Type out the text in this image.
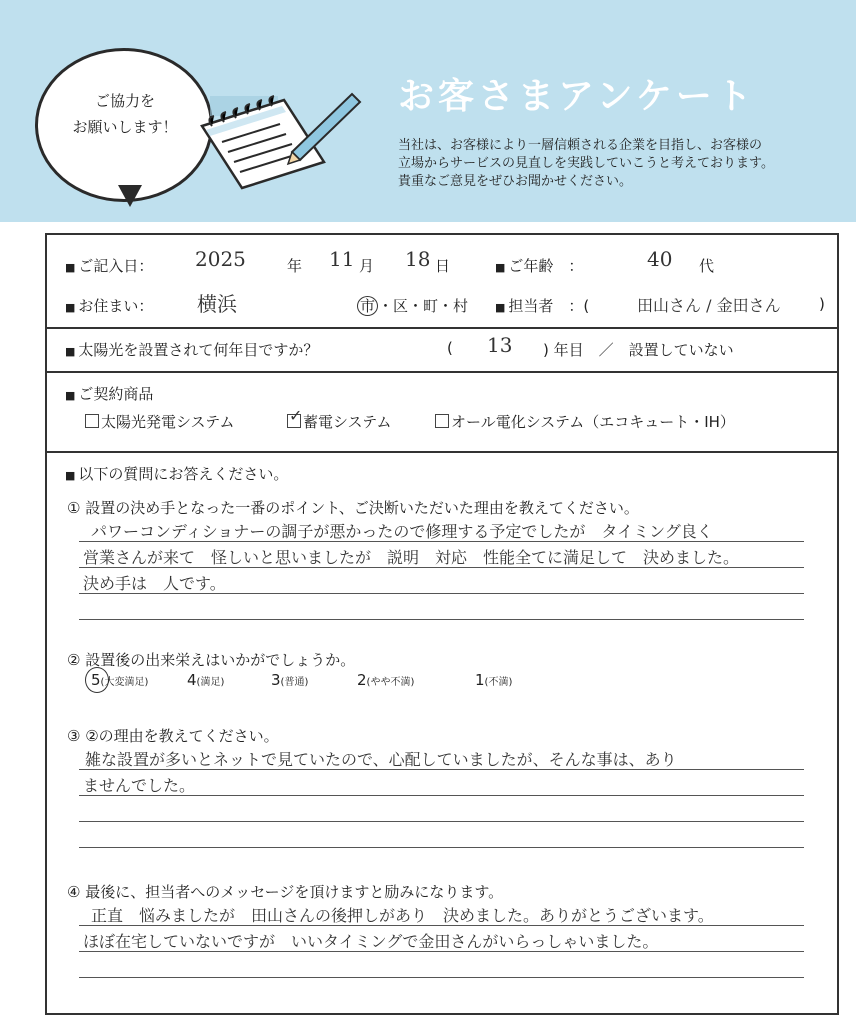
ご協力を
お願いします！
お客さまアンケート
当社は、お客様により一層信頼される企業を目指し、お客様の
立場からサービスの見直しを実践していこうと考えております。
貴重なご意見をぜひお聞かせください。
■ ご記入日： 2025	年 11 月 18 日	■ ご年齢　：	40 代
■ お住まい： 横浜	市 ・区・町・村 ■ 担当者　：(	田山さん / 金田さん	)
■ 太陽光を設置されて何年目ですか？	( 13 ) 年目　／　設置していない
■ ご契約商品
太陽光発電システム	✓ 蓄電システム	オール電化システム（エコキュート・IH）
■ 以下の質問にお答えください。
① 設置の決め手となった一番のポイント、ご決断いただいた理由を教えてください。
パワーコンディショナーの調子が悪かったので修理する予定でしたが　タイミング良く
営業さんが来て　怪しいと思いましたが　説明　対応　性能全てに満足して　決めました。
決め手は　人です。
② 設置後の出来栄えはいかがでしょうか。
5(大変満足)	4(満足)	3(普通)	2(やや不満)	1(不満)
③ ②の理由を教えてください。
雑な設置が多いとネットで見ていたので、心配していましたが、そんな事は、あり
ませんでした。
④ 最後に、担当者へのメッセージを頂けますと励みになります。
正直　悩みましたが　田山さんの後押しがあり　決めました。ありがとうございます。
ほぼ在宅していないですが　いいタイミングで金田さんがいらっしゃいました。
